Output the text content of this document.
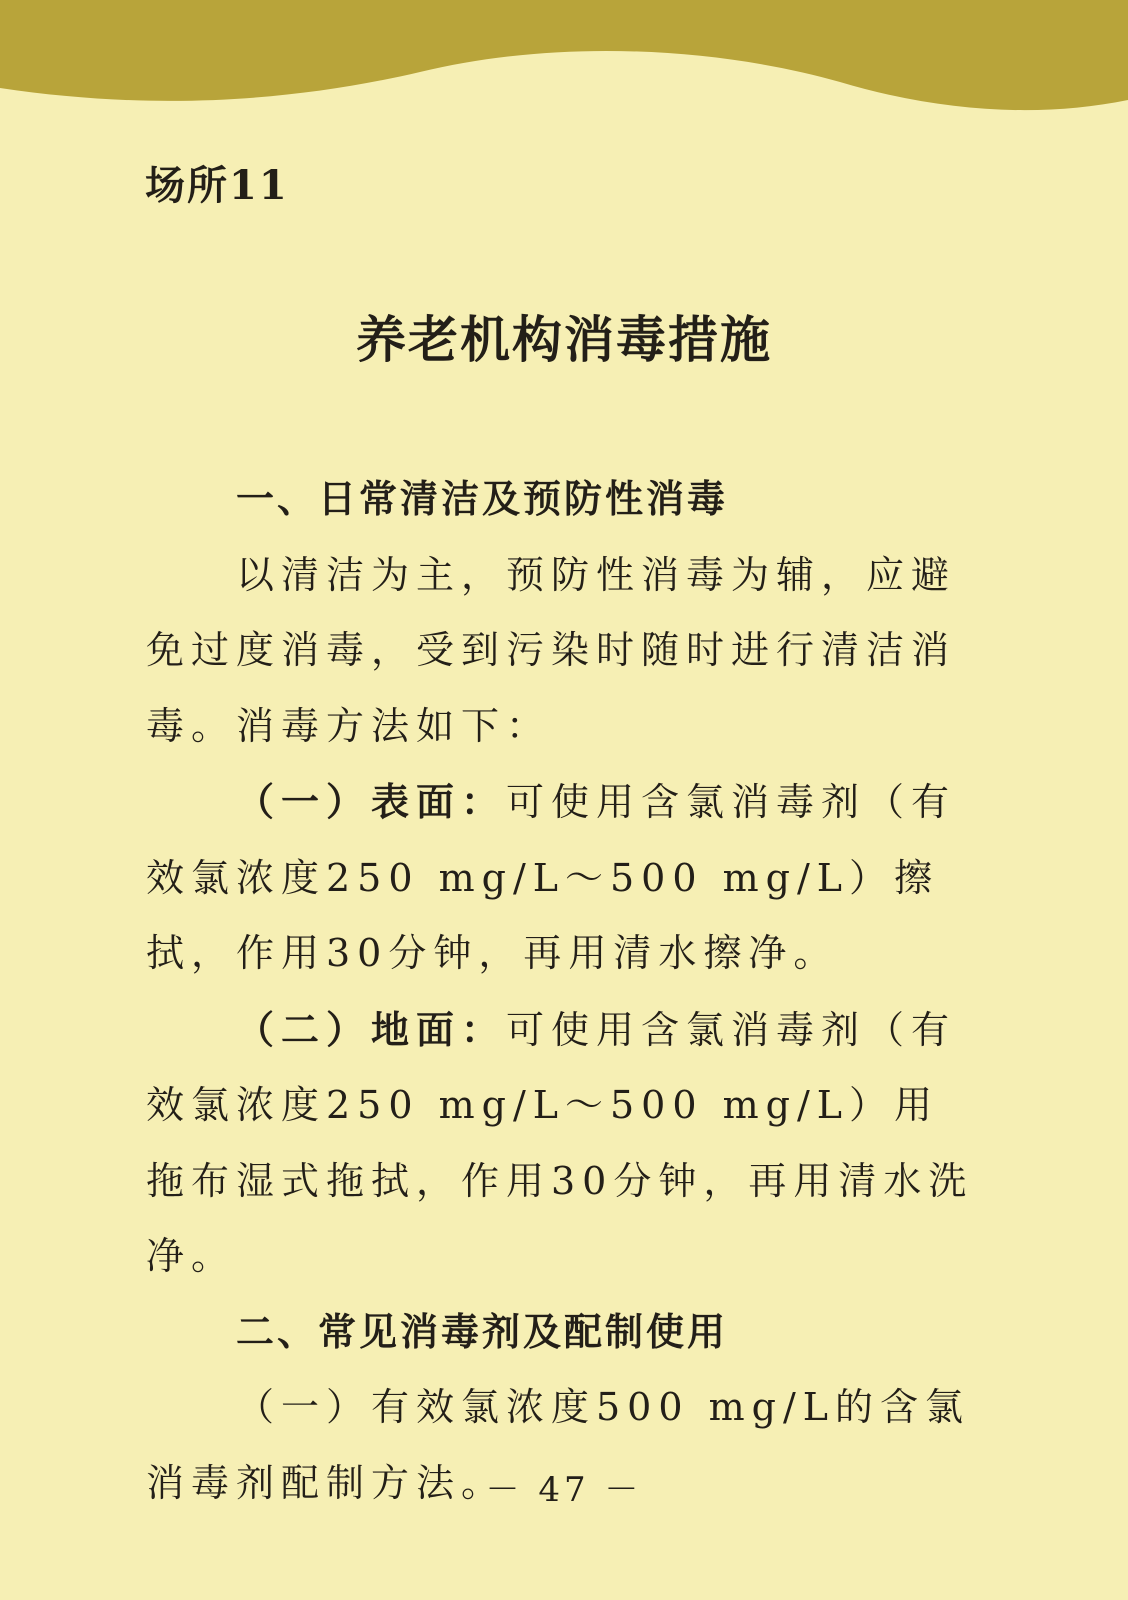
场所11
养老机构消毒措施

一、日常清洁及预防性消毒

以清洁为主，预防性消毒为辅，应避免过度消毒，受到污染时随时进行清洁消毒。消毒方法如下：

（一）表面：可使用含氯消毒剂（有效氯浓度250 mg/L～500 mg/L）擦拭，作用30分钟，再用清水擦净。

（二）地面：可使用含氯消毒剂（有效氯浓度250 mg/L～500 mg/L）用拖布湿式拖拭，作用30分钟，再用清水洗净。

二、常见消毒剂及配制使用

（一）有效氯浓度500 mg/L的含氯消毒剂配制方法。

－ 47 －
